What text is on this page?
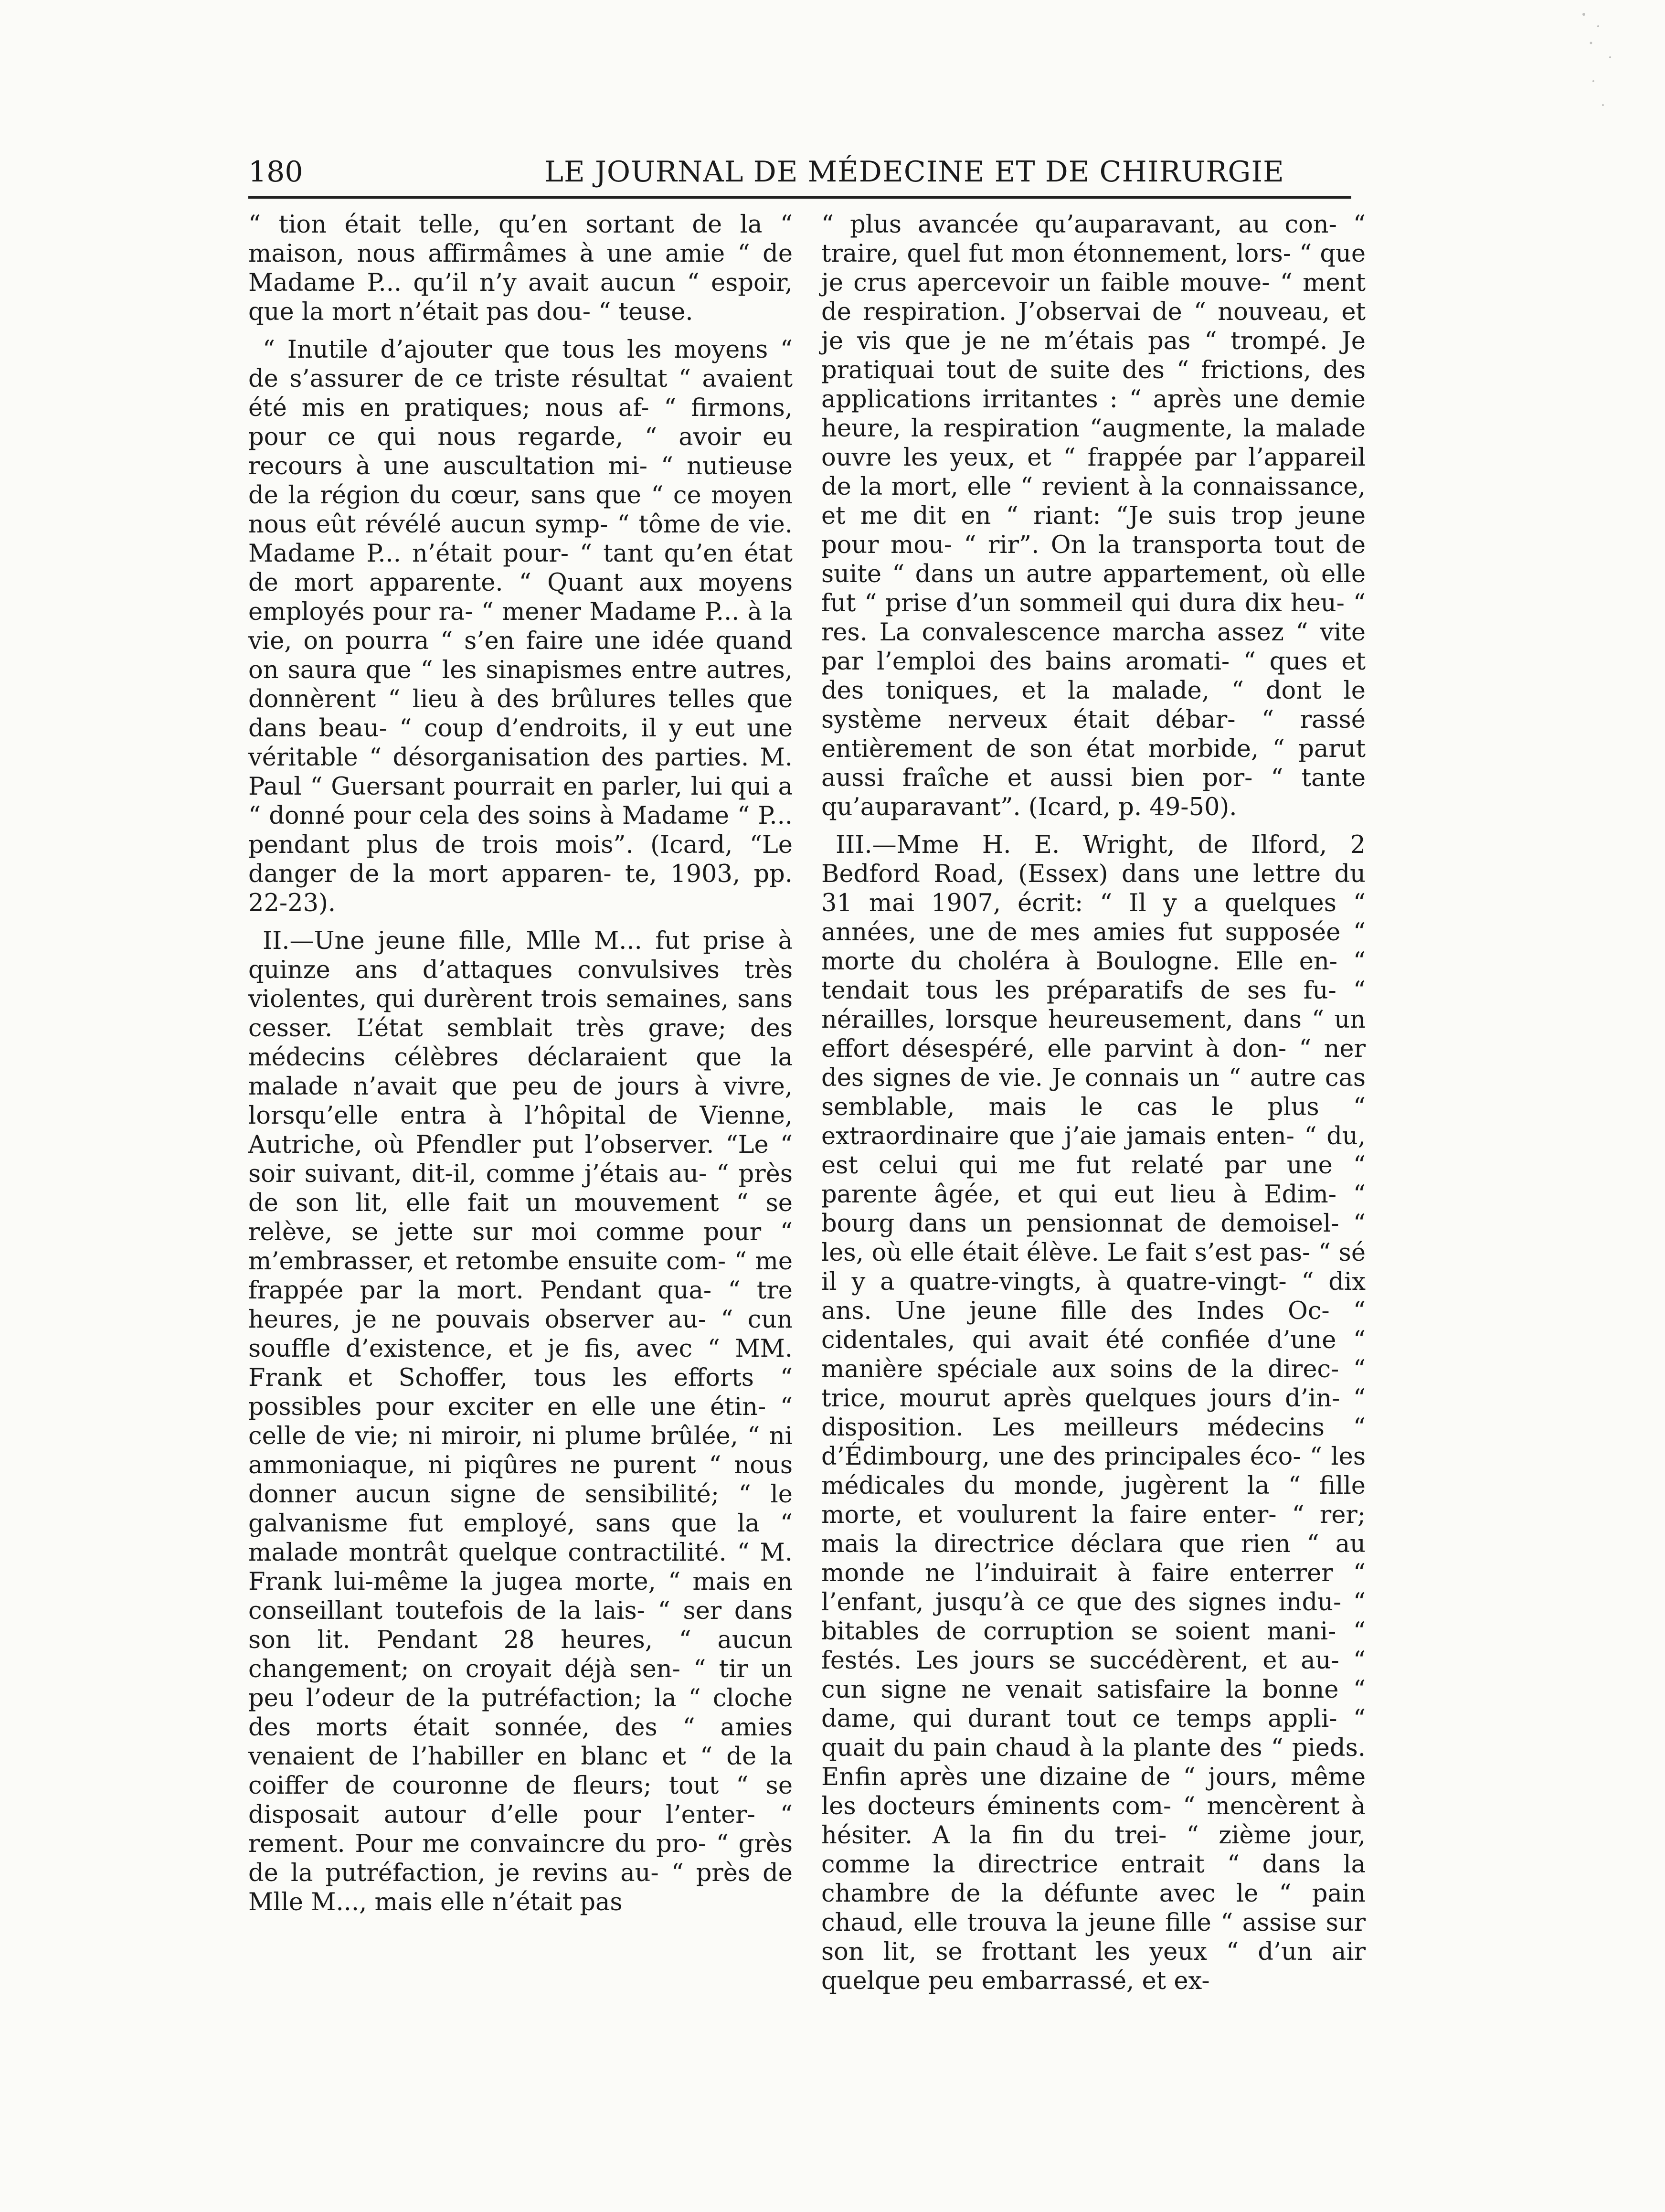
180	LE JOURNAL DE MÉDECINE ET DE CHIRURGIE

“ tion était telle, qu’en sortant de la “ maison, nous affirmâmes à une amie “ de Madame P... qu’il n’y avait aucun “ espoir, que la mort n’était pas dou- “ teuse.

“ Inutile d’ajouter que tous les moyens “ de s’assurer de ce triste résultat “ avaient été mis en pratiques; nous af- “ firmons, pour ce qui nous regarde, “ avoir eu recours à une auscultation mi- “ nutieuse de la région du cœur, sans que “ ce moyen nous eût révélé aucun symp- “ tôme de vie. Madame P... n’était pour- “ tant qu’en état de mort apparente. “ Quant aux moyens employés pour ra- “ mener Madame P... à la vie, on pourra “ s’en faire une idée quand on saura que “ les sinapismes entre autres, donnèrent “ lieu à des brûlures telles que dans beau- “ coup d’endroits, il y eut une véritable “ désorganisation des parties. M. Paul “ Guersant pourrait en parler, lui qui a “ donné pour cela des soins à Madame “ P... pendant plus de trois mois”. (Icard, “Le danger de la mort apparen- te, 1903, pp. 22-23).

II.—Une jeune fille, Mlle M... fut prise à quinze ans d’attaques convulsives très violentes, qui durèrent trois semaines, sans cesser. L’état semblait très grave; des médecins célèbres déclaraient que la malade n’avait que peu de jours à vivre, lorsqu’elle entra à l’hôpital de Vienne, Autriche, où Pfendler put l’observer. “Le “ soir suivant, dit-il, comme j’étais au- “ près de son lit, elle fait un mouvement “ se relève, se jette sur moi comme pour “ m’embrasser, et retombe ensuite com- “ me frappée par la mort. Pendant qua- “ tre heures, je ne pouvais observer au- “ cun souffle d’existence, et je fis, avec “ MM. Frank et Schoffer, tous les efforts “ possibles pour exciter en elle une étin- “ celle de vie; ni miroir, ni plume brûlée, “ ni ammoniaque, ni piqûres ne purent “ nous donner aucun signe de sensibilité; “ le galvanisme fut employé, sans que la “ malade montrât quelque contractilité. “ M. Frank lui-même la jugea morte, “ mais en conseillant toutefois de la lais- “ ser dans son lit. Pendant 28 heures, “ aucun changement; on croyait déjà sen- “ tir un peu l’odeur de la putréfaction; la “ cloche des morts était sonnée, des “ amies venaient de l’habiller en blanc et “ de la coiffer de couronne de fleurs; tout “ se disposait autour d’elle pour l’enter- “ rement. Pour me convaincre du pro- “ grès de la putréfaction, je revins au- “ près de Mlle M..., mais elle n’était pas

“ plus avancée qu’auparavant, au con- “ traire, quel fut mon étonnement, lors- “ que je crus apercevoir un faible mouve- “ ment de respiration. J’observai de “ nouveau, et je vis que je ne m’étais pas “ trompé. Je pratiquai tout de suite des “ frictions, des applications irritantes : “ après une demie heure, la respiration “augmente, la malade ouvre les yeux, et “ frappée par l’appareil de la mort, elle “ revient à la connaissance, et me dit en “ riant: “Je suis trop jeune pour mou- “ rir”. On la transporta tout de suite “ dans un autre appartement, où elle fut “ prise d’un sommeil qui dura dix heu- “ res. La convalescence marcha assez “ vite par l’emploi des bains aromati- “ ques et des toniques, et la malade, “ dont le système nerveux était débar- “ rassé entièrement de son état morbide, “ parut aussi fraîche et aussi bien por- “ tante qu’auparavant”. (Icard, p. 49-50).

III.—Mme H. E. Wright, de Ilford, 2 Bedford Road, (Essex) dans une lettre du 31 mai 1907, écrit: “ Il y a quelques “ années, une de mes amies fut supposée “ morte du choléra à Boulogne. Elle en- “ tendait tous les préparatifs de ses fu- “ nérailles, lorsque heureusement, dans “ un effort désespéré, elle parvint à don- “ ner des signes de vie. Je connais un “ autre cas semblable, mais le cas le plus “ extraordinaire que j’aie jamais enten- “ du, est celui qui me fut relaté par une “ parente âgée, et qui eut lieu à Edim- “ bourg dans un pensionnat de demoisel- “ les, où elle était élève. Le fait s’est pas- “ sé il y a quatre-vingts, à quatre-vingt- “ dix ans. Une jeune fille des Indes Oc- “ cidentales, qui avait été confiée d’une “ manière spéciale aux soins de la direc- “ trice, mourut après quelques jours d’in- “ disposition. Les meilleurs médecins “ d’Édimbourg, une des principales éco- “ les médicales du monde, jugèrent la “ fille morte, et voulurent la faire enter- “ rer; mais la directrice déclara que rien “ au monde ne l’induirait à faire enterrer “ l’enfant, jusqu’à ce que des signes indu- “ bitables de corruption se soient mani- “ festés. Les jours se succédèrent, et au- “ cun signe ne venait satisfaire la bonne “ dame, qui durant tout ce temps appli- “ quait du pain chaud à la plante des “ pieds. Enfin après une dizaine de “ jours, même les docteurs éminents com- “ mencèrent à hésiter. A la fin du trei- “ zième jour, comme la directrice entrait “ dans la chambre de la défunte avec le “ pain chaud, elle trouva la jeune fille “ assise sur son lit, se frottant les yeux “ d’un air quelque peu embarrassé, et ex-
